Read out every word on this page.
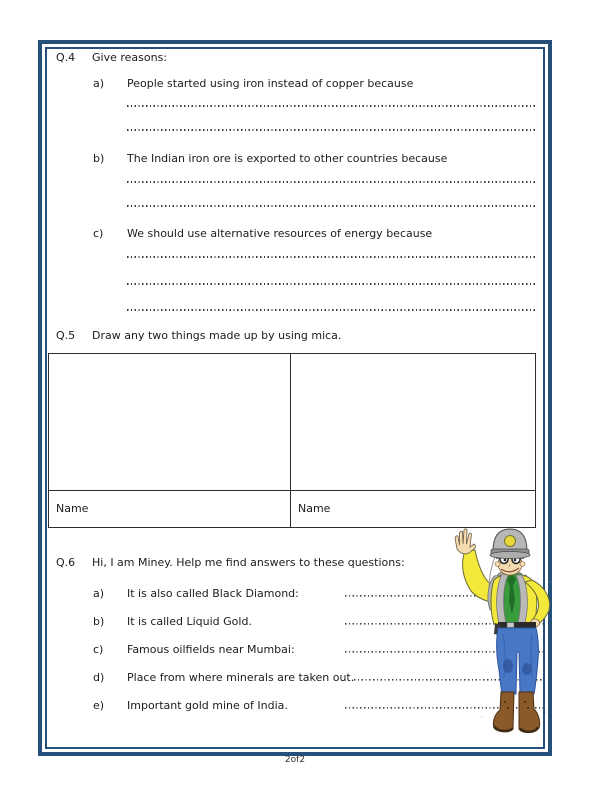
Q.4	Give reasons:
a)	People started using iron instead of copper because
b)	The Indian iron ore is exported to other countries because
c)	We should use alternative resources of energy because
Q.5	Draw any two things made up by using mica.
Name	Name
Q.6	Hi, I am Miney. Help me find answers to these questions:
a)	It is also called Black Diamond:
b)	It is called Liquid Gold.
c)	Famous oilfields near Mumbai:
d)	Place from where minerals are taken out.
e)	Important gold mine of India.
2of2
